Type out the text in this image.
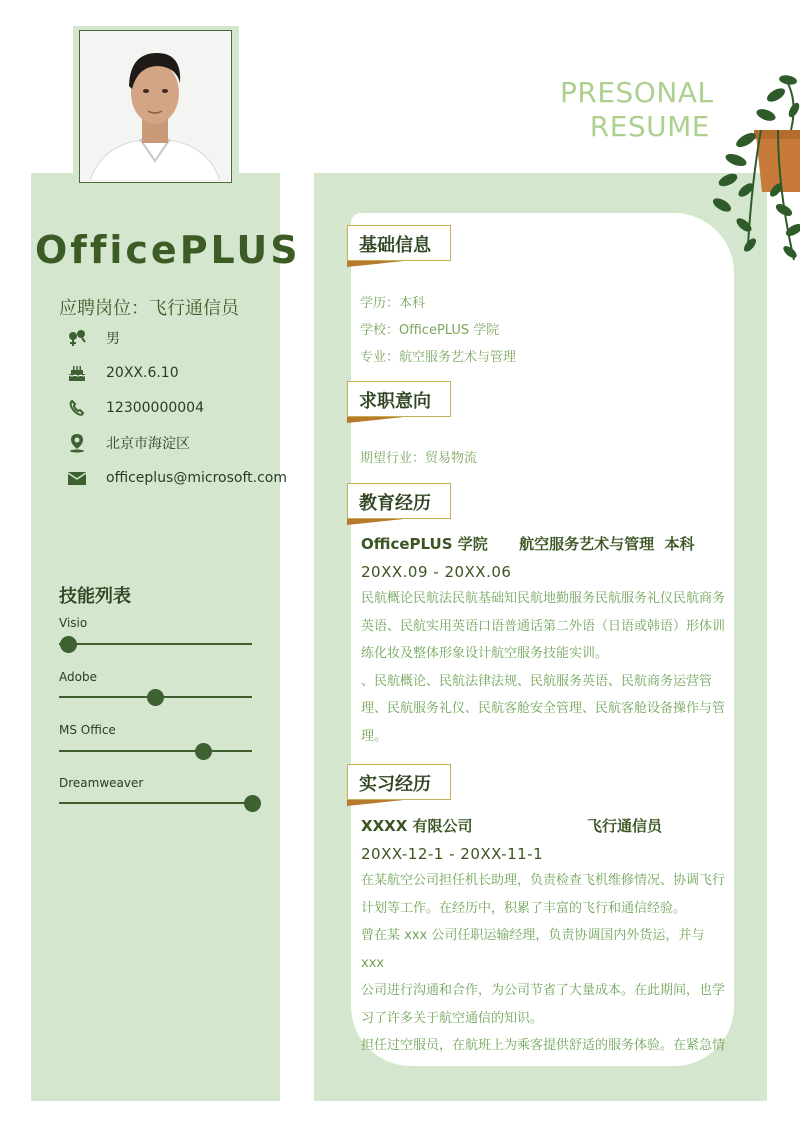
OfficePLUS
应聘岗位：飞行通信员
男
20XX.6.10
12300000004
北京市海淀区
officeplus@microsoft.com
技能列表
Visio
Adobe
MS Office
Dreamweaver
PRESONAL
RESUME
基础信息
学历：本科
学校：OfficePLUS 学院
专业：航空服务艺术与管理
求职意向
期望行业：贸易物流
教育经历
OfficePLUS 学院      航空服务艺术与管理  本科
20XX.09 - 20XX.06
民航概论民航法民航基础知民航地勤服务民航服务礼仪民航商务
英语、民航实用英语口语普通话第二外语（日语或韩语）形体训
练化妆及整体形象设计航空服务技能实训。
、民航概论、民航法律法规、民航服务英语、民航商务运营管
理、民航服务礼仪、民航客舱安全管理、民航客舱设备操作与管
理。
实习经历
XXXX 有限公司	飞行通信员
20XX-12-1 - 20XX-11-1
在某航空公司担任机长助理，负责检查飞机维修情况、协调飞行
计划等工作。在经历中，积累了丰富的飞行和通信经验。
曾在某 xxx 公司任职运输经理，负责协调国内外货运，并与 xxx
公司进行沟通和合作，为公司节省了大量成本。在此期间，也学
习了许多关于航空通信的知识。
担任过空服员，在航班上为乘客提供舒适的服务体验。在紧急情
